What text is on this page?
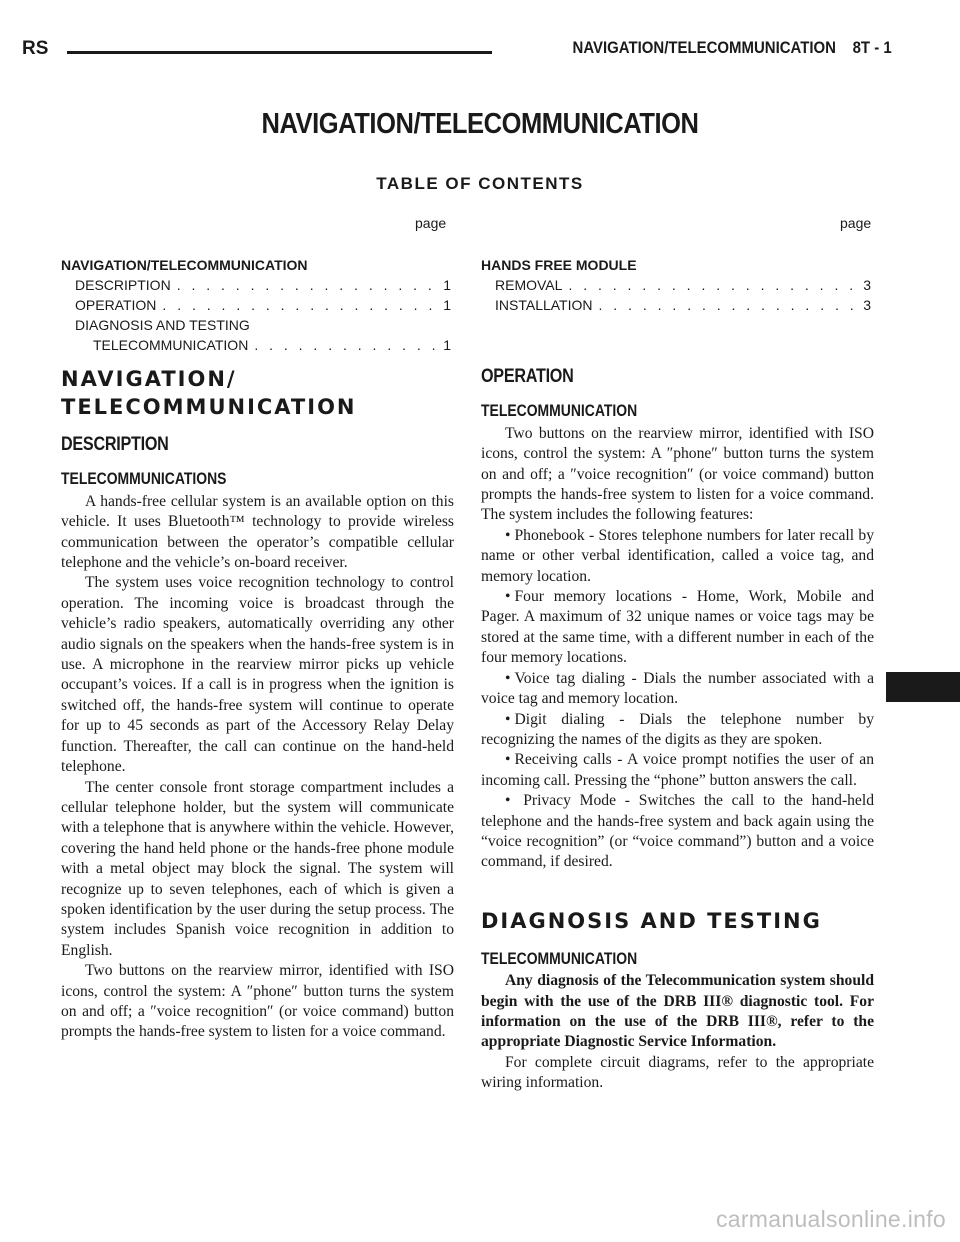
RS	NAVIGATION/TELECOMMUNICATION    8T - 1
NAVIGATION/TELECOMMUNICATION
TABLE OF CONTENTS
page	page
NAVIGATION/TELECOMMUNICATION
DESCRIPTION . . .	1
OPERATION . . .	1
DIAGNOSIS AND TESTING
TELECOMMUNICATION . . .	1
HANDS FREE MODULE
REMOVAL . . .	3
INSTALLATION . . .	3
NAVIGATION/
TELECOMMUNICATION
DESCRIPTION
TELECOMMUNICATIONS

A hands-free cellular system is an available option on this vehicle. It uses Bluetooth™ technology to provide wireless communication between the operator’s compatible cellular telephone and the vehicle’s on-board receiver.

The system uses voice recognition technology to control operation. The incoming voice is broadcast through the vehicle’s radio speakers, automatically overriding any other audio signals on the speakers when the hands-free system is in use. A microphone in the rearview mirror picks up vehicle occupant’s voices. If a call is in progress when the ignition is switched off, the hands-free system will continue to operate for up to 45 seconds as part of the Accessory Relay Delay function. Thereafter, the call can continue on the hand-held telephone.

The center console front storage compartment includes a cellular telephone holder, but the system will communicate with a telephone that is anywhere within the vehicle. However, covering the hand held phone or the hands-free phone module with a metal object may block the signal. The system will recognize up to seven telephones, each of which is given a spoken identification by the user during the setup process. The system includes Spanish voice recognition in addition to English.

Two buttons on the rearview mirror, identified with ISO icons, control the system: A ″phone″ button turns the system on and off; a ″voice recognition″ (or voice command) button prompts the hands-free system to listen for a voice command.

OPERATION
TELECOMMUNICATION

Two buttons on the rearview mirror, identified with ISO icons, control the system: A ″phone″ button turns the system on and off; a ″voice recognition″ (or voice command) button prompts the hands-free system to listen for a voice command. The system includes the following features:

• Phonebook - Stores telephone numbers for later recall by name or other verbal identification, called a voice tag, and memory location.

• Four memory locations - Home, Work, Mobile and Pager. A maximum of 32 unique names or voice tags may be stored at the same time, with a different number in each of the four memory locations.

• Voice tag dialing - Dials the number associated with a voice tag and memory location.

• Digit dialing - Dials the telephone number by recognizing the names of the digits as they are spoken.

• Receiving calls - A voice prompt notifies the user of an incoming call. Pressing the “phone” button answers the call.

• Privacy Mode - Switches the call to the hand-held telephone and the hands-free system and back again using the “voice recognition” (or “voice command”) button and a voice command, if desired.

DIAGNOSIS AND TESTING
TELECOMMUNICATION

Any diagnosis of the Telecommunication system should begin with the use of the DRB III® diagnostic tool. For information on the use of the DRB III®, refer to the appropriate Diagnostic Service Information.

For complete circuit diagrams, refer to the appropriate wiring information.

carmanualsonline.info
